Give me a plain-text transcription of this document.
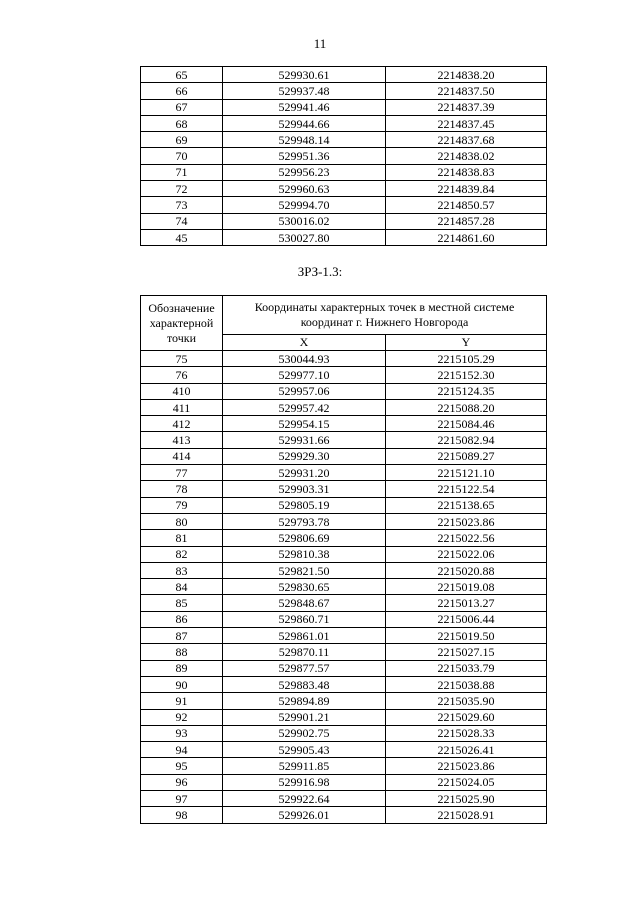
11
65	529930.61	2214838.20
66	529937.48	2214837.50
67	529941.46	2214837.39
68	529944.66	2214837.45
69	529948.14	2214837.68
70	529951.36	2214838.02
71	529956.23	2214838.83
72	529960.63	2214839.84
73	529994.70	2214850.57
74	530016.02	2214857.28
45	530027.80	2214861.60
ЗРЗ-1.3:
Обозначение характерной точки	Координаты характерных точек в местной системе координат г. Нижнего Новгорода	
	X	Y
75	530044.93	2215105.29
76	529977.10	2215152.30
410	529957.06	2215124.35
411	529957.42	2215088.20
412	529954.15	2215084.46
413	529931.66	2215082.94
414	529929.30	2215089.27
77	529931.20	2215121.10
78	529903.31	2215122.54
79	529805.19	2215138.65
80	529793.78	2215023.86
81	529806.69	2215022.56
82	529810.38	2215022.06
83	529821.50	2215020.88
84	529830.65	2215019.08
85	529848.67	2215013.27
86	529860.71	2215006.44
87	529861.01	2215019.50
88	529870.11	2215027.15
89	529877.57	2215033.79
90	529883.48	2215038.88
91	529894.89	2215035.90
92	529901.21	2215029.60
93	529902.75	2215028.33
94	529905.43	2215026.41
95	529911.85	2215023.86
96	529916.98	2215024.05
97	529922.64	2215025.90
98	529926.01	2215028.91
